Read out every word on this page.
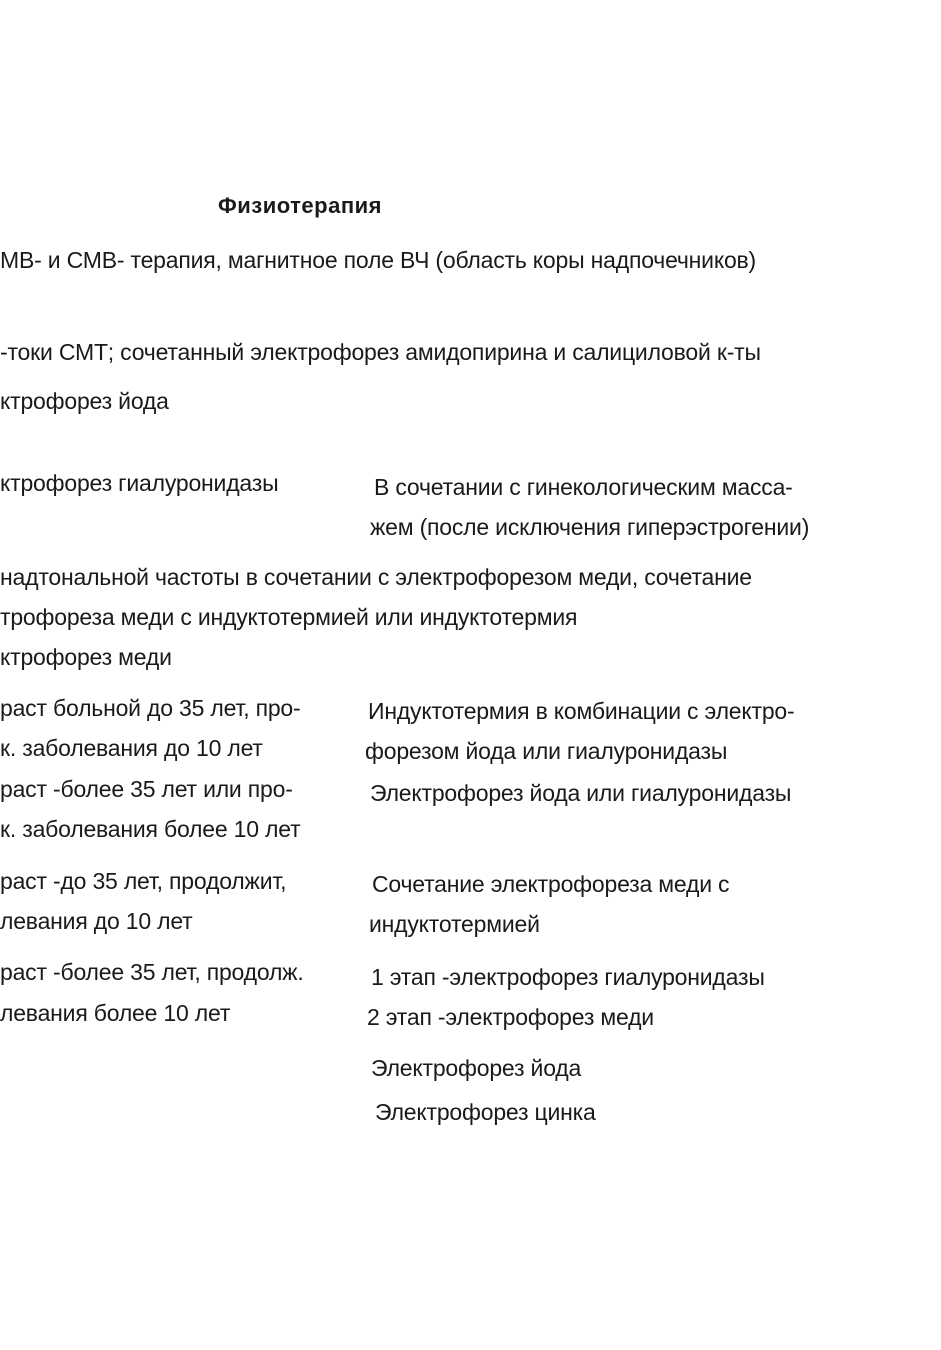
Физиотерапия
МВ- и СМВ- терапия, магнитное поле ВЧ (область коры надпочечников)
-токи СМТ; сочетанный электрофорез амидопирина и салициловой к-ты
ктрофорез йода
ктрофорез гиалуронидазы
надтональной частоты в сочетании с электрофорезом меди, сочетание
трофореза меди с индуктотермией или индуктотермия
ктрофорез меди
раст больной до 35 лет, про-
к. заболевания до 10 лет
раст -более 35 лет или про-
к. заболевания более 10 лет
раст -до 35 лет, продолжит,
левания до 10 лет
раст -более 35 лет, продолж.
левания более 10 лет
В сочетании с гинекологическим масса-
жем (после исключения гиперэстрогении)
Индуктотермия в комбинации с электро-
форезом йода или гиалуронидазы
Электрофорез йода или гиалуронидазы
Сочетание электрофореза меди с
индуктотермией
1 этап -электрофорез гиалуронидазы
2 этап -электрофорез меди
Электрофорез йода
Электрофорез цинка
